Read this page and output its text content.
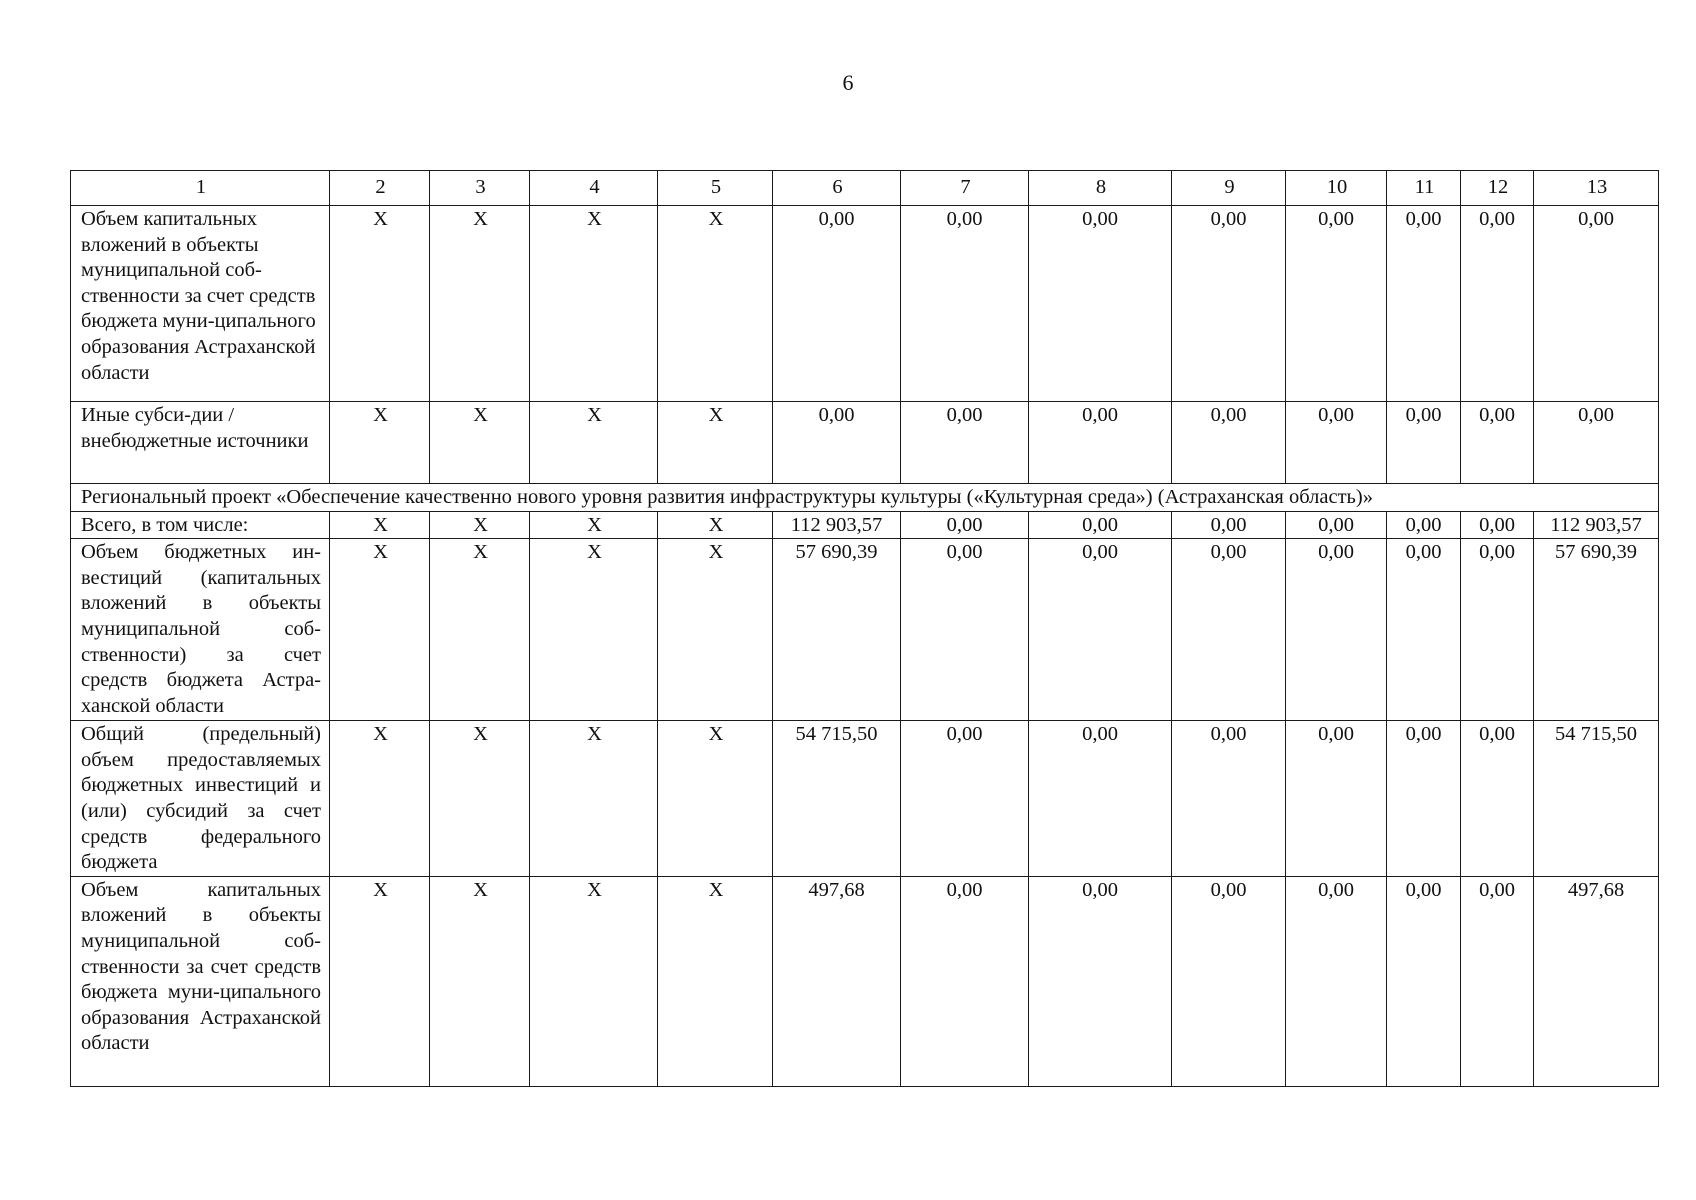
6
1	2	3	4	5	6	7	8	9	10	11	12	13
Объем капитальных вложений в объекты муниципальной соб-ственности за счет средств бюджета муни-ципального образования Астраханской области	X	X	X	X	0,00	0,00	0,00	0,00	0,00	0,00	0,00	0,00
Иные субси-дии / внебюджетные источники	X	X	X	X	0,00	0,00	0,00	0,00	0,00	0,00	0,00	0,00
Региональный проект «Обеспечение качественно нового уровня развития инфраструктуры культуры («Культурная среда») (Астраханская область)»												
Всего, в том числе:	X	X	X	X	112 903,57	0,00	0,00	0,00	0,00	0,00	0,00	112 903,57
Объем бюджетных ин-вестиций (капитальных вложений в объекты муниципальной соб-ственности) за счет средств бюджета Астра-ханской области	X	X	X	X	57 690,39	0,00	0,00	0,00	0,00	0,00	0,00	57 690,39
Общий (предельный) объем предоставляемых бюджетных инвестиций и (или) субсидий за счет средств федерального бюджета	X	X	X	X	54 715,50	0,00	0,00	0,00	0,00	0,00	0,00	54 715,50
Объем капитальных вложений в объекты муниципальной соб-ственности за счет средств бюджета муни-ципального образования Астраханской области	X	X	X	X	497,68	0,00	0,00	0,00	0,00	0,00	0,00	497,68
